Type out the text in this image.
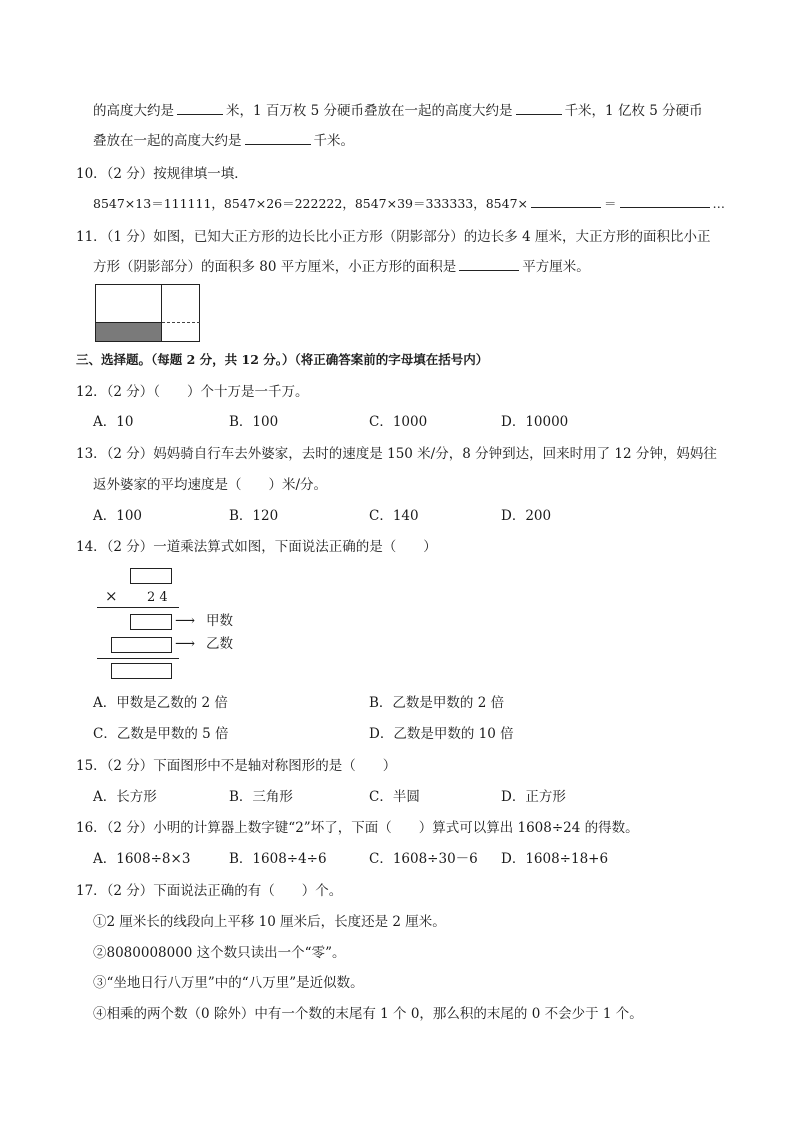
的高度大约是	米，1 百万枚 5 分硬币叠放在一起的高度大约是	千米，1 亿枚 5 分硬币
叠放在一起的高度大约是	千米。
10．（2 分）按规律填一填．
8547×13＝111111，8547×26＝222222，8547×39＝333333，8547×	＝	…
11．（1 分）如图，已知大正方形的边长比小正方形（阴影部分）的边长多 4 厘米，大正方形的面积比小正
方形（阴影部分）的面积多 80 平方厘米，小正方形的面积是	平方厘米。
三、选择题。（每题 2 分，共 12 分。）（将正确答案前的字母填在括号内）
12．（2 分）（　　）个十万是一千万。
A．10	B．100	C．1000	D．10000
13．（2 分）妈妈骑自行车去外婆家，去时的速度是 150 米/分，8 分钟到达，回来时用了 12 分钟，妈妈往
返外婆家的平均速度是（　　）米/分。
A．100	B．120	C．140	D．200
14．（2 分）一道乘法算式如图，下面说法正确的是（　　）
× 2 4
⟶ 甲数
⟶ 乙数
A．甲数是乙数的 2 倍	B．乙数是甲数的 2 倍
C．乙数是甲数的 5 倍	D．乙数是甲数的 10 倍
15．（2 分）下面图形中不是轴对称图形的是（　　）
A．长方形	B．三角形	C．半圆	D．正方形
16．（2 分）小明的计算器上数字键“2”坏了，下面（　　）算式可以算出 1608÷24 的得数。
A．1608÷8×3	B．1608÷4÷6	C．1608÷30－6 D．1608÷18+6
17．（2 分）下面说法正确的有（　　）个。
①2 厘米长的线段向上平移 10 厘米后，长度还是 2 厘米。
②8080008000 这个数只读出一个“零”。
③“坐地日行八万里”中的“八万里”是近似数。
④相乘的两个数（0 除外）中有一个数的末尾有 1 个 0，那么积的末尾的 0 不会少于 1 个。
